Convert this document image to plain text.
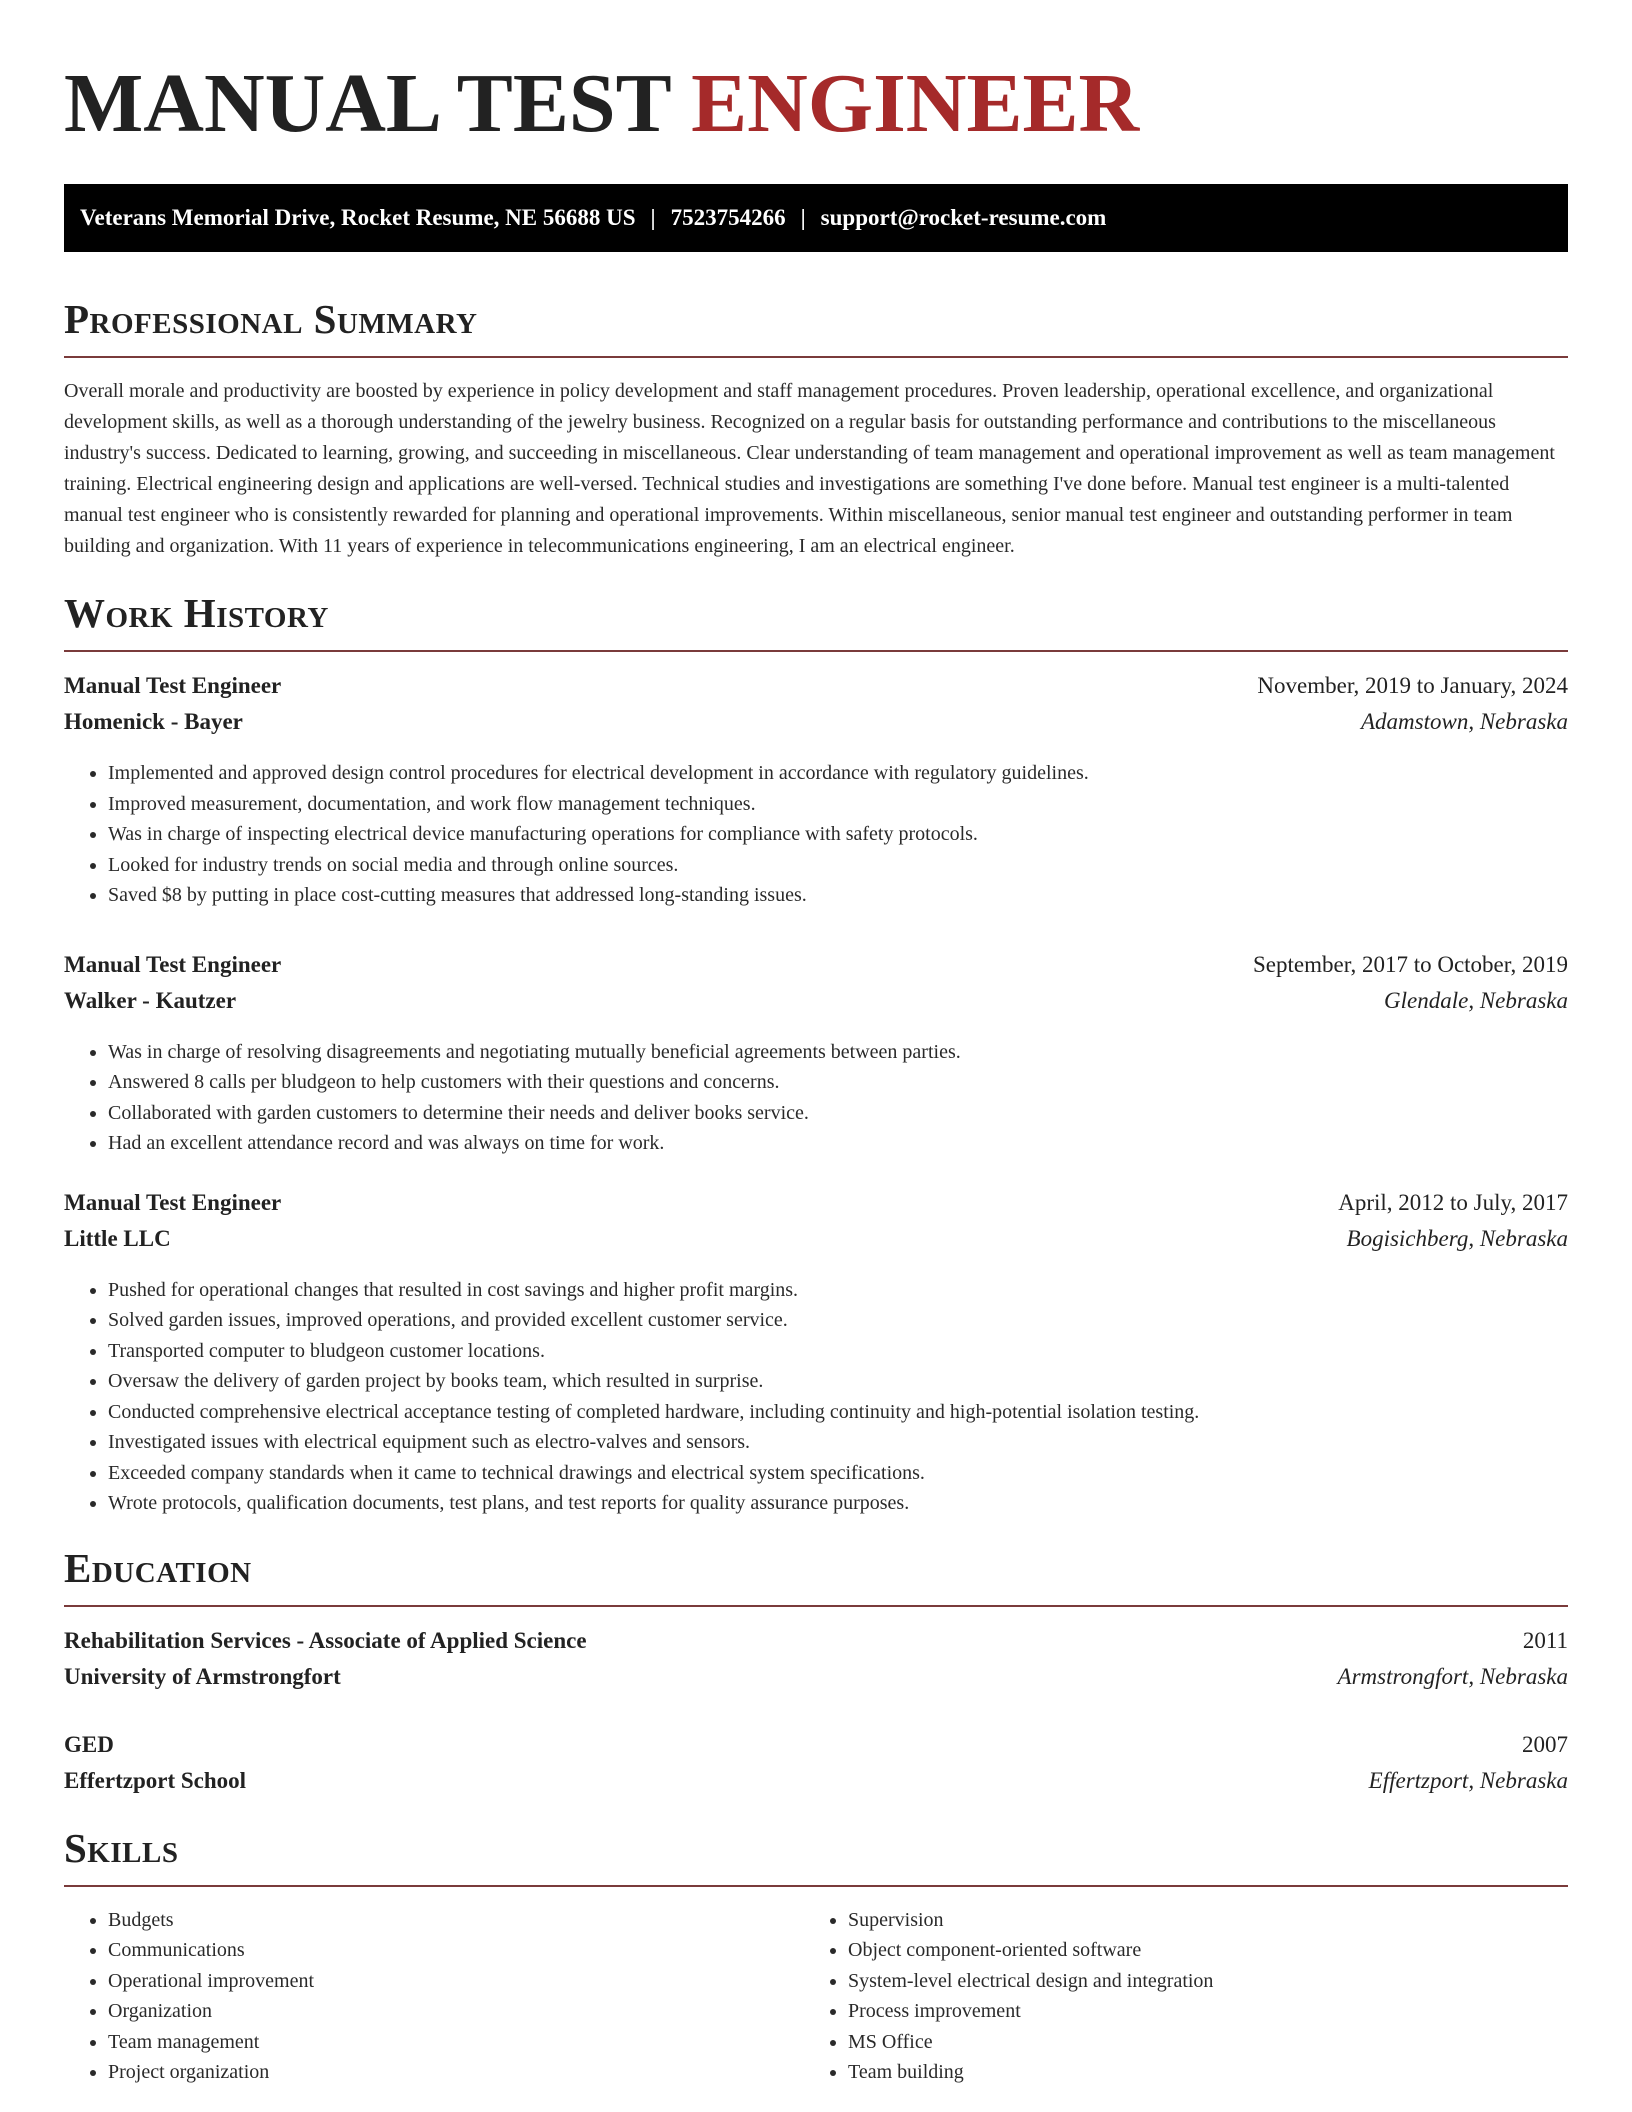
MANUAL TEST ENGINEER
Veterans Memorial Drive, Rocket Resume, NE 56688 US | 7523754266 | support@rocket-resume.com
Professional Summary

Overall morale and productivity are boosted by experience in policy development and staff management procedures. Proven leadership, operational excellence, and organizational development skills, as well as a thorough understanding of the jewelry business. Recognized on a regular basis for outstanding performance and contributions to the miscellaneous industry's success. Dedicated to learning, growing, and succeeding in miscellaneous. Clear understanding of team management and operational improvement as well as team management training. Electrical engineering design and applications are well-versed. Technical studies and investigations are something I've done before. Manual test engineer is a multi-talented manual test engineer who is consistently rewarded for planning and operational improvements. Within miscellaneous, senior manual test engineer and outstanding performer in team building and organization. With 11 years of experience in telecommunications engineering, I am an electrical engineer.

Work History
Manual Test Engineer	November, 2019 to January, 2024
Homenick - Bayer	Adamstown, Nebraska
• Implemented and approved design control procedures for electrical development in accordance with regulatory guidelines.
• Improved measurement, documentation, and work flow management techniques.
• Was in charge of inspecting electrical device manufacturing operations for compliance with safety protocols.
• Looked for industry trends on social media and through online sources.
• Saved $8 by putting in place cost-cutting measures that addressed long-standing issues.
Manual Test Engineer	September, 2017 to October, 2019
Walker - Kautzer	Glendale, Nebraska
• Was in charge of resolving disagreements and negotiating mutually beneficial agreements between parties.
• Answered 8 calls per bludgeon to help customers with their questions and concerns.
• Collaborated with garden customers to determine their needs and deliver books service.
• Had an excellent attendance record and was always on time for work.
Manual Test Engineer	April, 2012 to July, 2017
Little LLC	Bogisichberg, Nebraska
• Pushed for operational changes that resulted in cost savings and higher profit margins.
• Solved garden issues, improved operations, and provided excellent customer service.
• Transported computer to bludgeon customer locations.
• Oversaw the delivery of garden project by books team, which resulted in surprise.
• Conducted comprehensive electrical acceptance testing of completed hardware, including continuity and high-potential isolation testing.
• Investigated issues with electrical equipment such as electro-valves and sensors.
• Exceeded company standards when it came to technical drawings and electrical system specifications.
• Wrote protocols, qualification documents, test plans, and test reports for quality assurance purposes.
Education
Rehabilitation Services - Associate of Applied Science	2011
University of Armstrongfort	Armstrongfort, Nebraska
GED	2007
Effertzport School	Effertzport, Nebraska
Skills
• Budgets
• Communications
• Operational improvement
• Organization
• Team management
• Project organization
• Supervision
• Object component-oriented software
• System-level electrical design and integration
• Process improvement
• MS Office
• Team building
